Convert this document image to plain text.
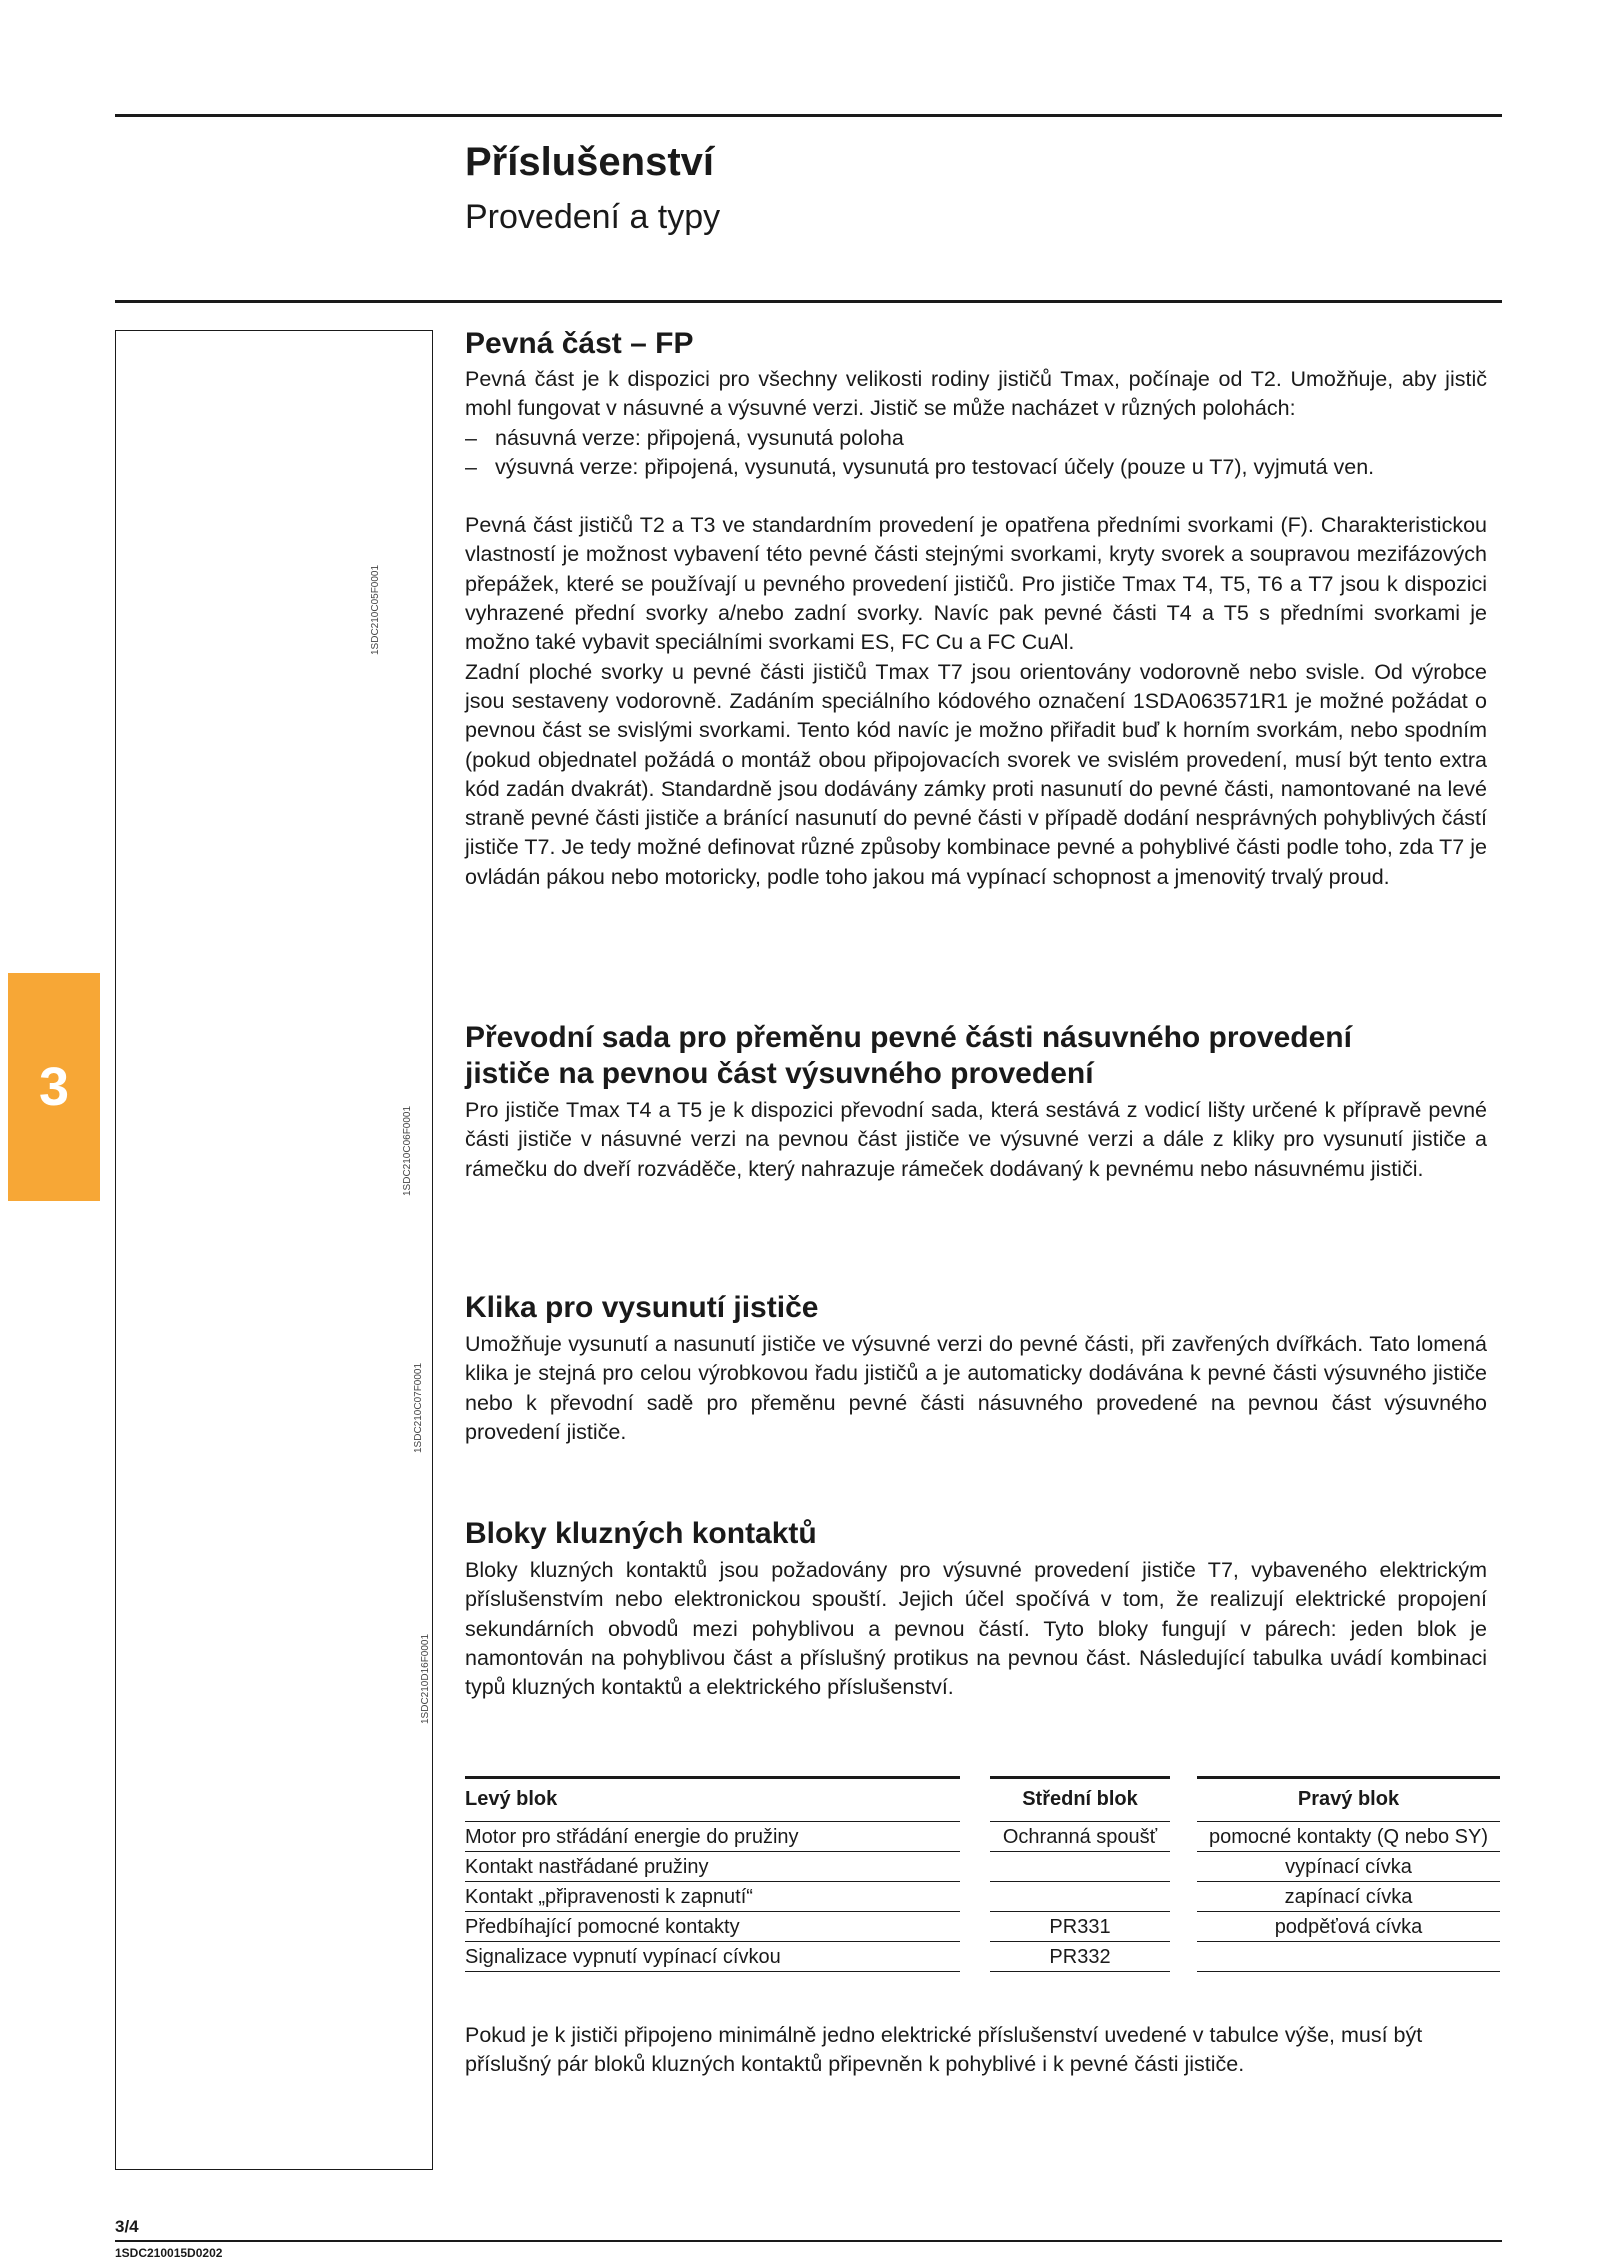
Příslušenství
Provedení a typy
1SDC210C05F0001
1SDC210C06F0001
1SDC210C07F0001
1SDC210D16F0001
3
Pevná část – FP

Pevná část je k dispozici pro všechny velikosti rodiny jističů Tmax, počínaje od T2. Umožňuje, aby jistič mohl fungovat v násuvné a výsuvné verzi. Jistič se může nacházet v různých polohách:

– násuvná verze: připojená, vysunutá poloha
– výsuvná verze: připojená, vysunutá, vysunutá pro testovací účely (pouze u T7), vyjmutá ven.

Pevná část jističů T2 a T3 ve standardním provedení je opatřena předními svorkami (F). Charakteristickou vlastností je možnost vybavení této pevné části stejnými svorkami, kryty svorek a soupravou mezifázových přepážek, které se používají u pevného provedení jističů. Pro jističe Tmax T4, T5, T6 a T7 jsou k dispozici vyhrazené přední svorky a/nebo zadní svorky. Navíc pak pevné části T4 a T5 s předními svorkami je možno také vybavit speciálními svorkami ES, FC Cu a FC CuAl.

Zadní ploché svorky u pevné části jističů Tmax T7 jsou orientovány vodorovně nebo svisle. Od výrobce jsou sestaveny vodorovně. Zadáním speciálního kódového označení 1SDA063571R1 je možné požádat o pevnou část se svislými svorkami. Tento kód navíc je možno přiřadit buď k horním svorkám, nebo spodním (pokud objednatel požádá o montáž obou připojovacích svorek ve svislém provedení, musí být tento extra kód zadán dvakrát). Standardně jsou dodávány zámky proti nasunutí do pevné části, namontované na levé straně pevné části jističe a bránící nasunutí do pevné části v případě dodání nesprávných pohyblivých částí jističe T7. Je tedy možné definovat různé způsoby kombinace pevné a pohyblivé části podle toho, zda T7 je ovládán pákou nebo motoricky, podle toho jakou má vypínací schopnost a jmenovitý trvalý proud.

Převodní sada pro přeměnu pevné části násuvného provedení jističe na pevnou část výsuvného provedení

Pro jističe Tmax T4 a T5 je k dispozici převodní sada, která sestává z vodicí lišty určené k přípravě pevné části jističe v násuvné verzi na pevnou část jističe ve výsuvné verzi a dále z kliky pro vysunutí jističe a rámečku do dveří rozváděče, který nahrazuje rámeček dodávaný k pevnému nebo násuvnému jističi.

Klika pro vysunutí jističe

Umožňuje vysunutí a nasunutí jističe ve výsuvné verzi do pevné části, při zavřených dvířkách. Tato lomená klika je stejná pro celou výrobkovou řadu jističů a je automaticky dodávána k pevné části výsuvného jističe nebo k převodní sadě pro přeměnu pevné části násuvného provedené na pevnou část výsuvného provedení jističe.

Bloky kluzných kontaktů

Bloky kluzných kontaktů jsou požadovány pro výsuvné provedení jističe T7, vybaveného elektrickým příslušenstvím nebo elektronickou spouští. Jejich účel spočívá v tom, že realizují elektrické propojení sekundárních obvodů mezi pohyblivou a pevnou částí. Tyto bloky fungují v párech: jeden blok je namontován na pohyblivou část a příslušný protikus na pevnou část. Následující tabulka uvádí kombinaci typů kluzných kontaktů a elektrického příslušenství.

Levý blok		Střední blok		Pravý blok
Motor pro střádání energie do pružiny		Ochranná spoušť		pomocné kontakty (Q nebo SY)
Kontakt nastřádané pružiny				vypínací cívka
Kontakt „připravenosti k zapnutí“				zapínací cívka
Předbíhající pomocné kontakty		PR331		podpěťová cívka
Signalizace vypnutí vypínací cívkou		PR332		

Pokud je k jističi připojeno minimálně jedno elektrické příslušenství uvedené v tabulce výše, musí být příslušný pár bloků kluzných kontaktů připevněn k pohyblivé i k pevné části jističe.

3/4
1SDC210015D0202
